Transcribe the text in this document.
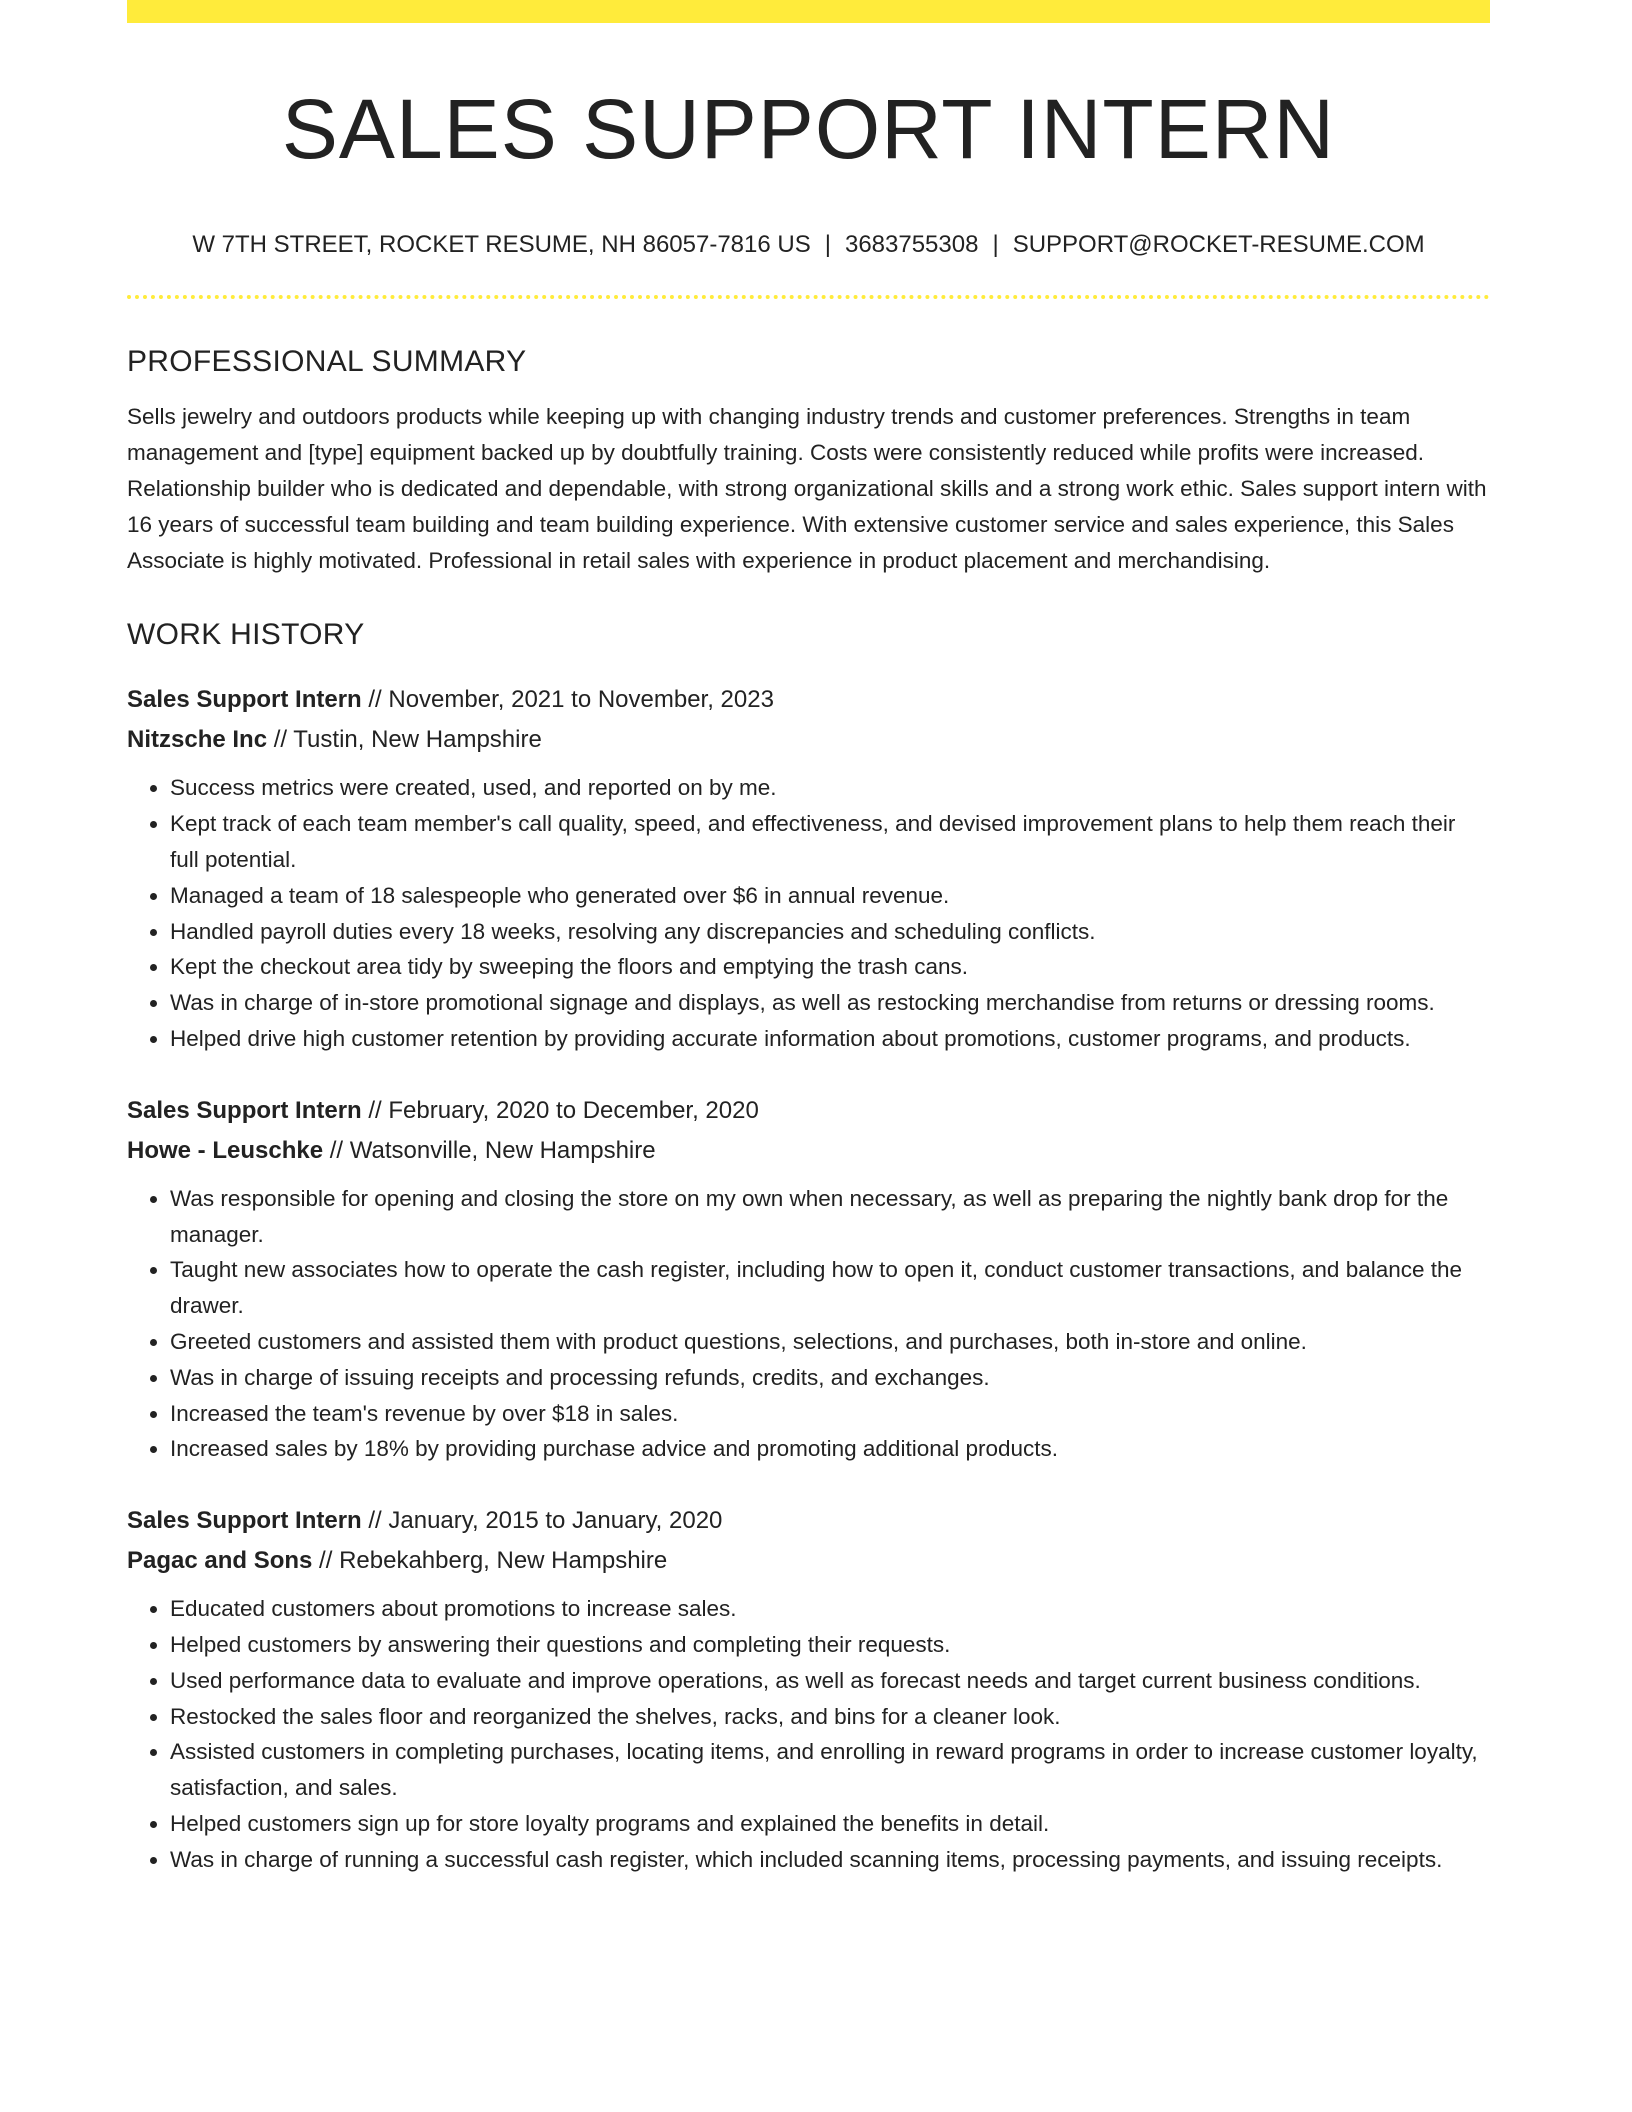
SALES SUPPORT INTERN
W 7TH STREET, ROCKET RESUME, NH 86057-7816 US | 3683755308 | SUPPORT@ROCKET-RESUME.COM
PROFESSIONAL SUMMARY

Sells jewelry and outdoors products while keeping up with changing industry trends and customer preferences. Strengths in team management and [type] equipment backed up by doubtfully training. Costs were consistently reduced while profits were increased. Relationship builder who is dedicated and dependable, with strong organizational skills and a strong work ethic. Sales support intern with 16 years of successful team building and team building experience. With extensive customer service and sales experience, this Sales Associate is highly motivated. Professional in retail sales with experience in product placement and merchandising.

WORK HISTORY
Sales Support Intern // November, 2021 to November, 2023
Nitzsche Inc // Tustin, New Hampshire
• Success metrics were created, used, and reported on by me.
• Kept track of each team member's call quality, speed, and effectiveness, and devised improvement plans to help them reach their full potential.
• Managed a team of 18 salespeople who generated over $6 in annual revenue.
• Handled payroll duties every 18 weeks, resolving any discrepancies and scheduling conflicts.
• Kept the checkout area tidy by sweeping the floors and emptying the trash cans.
• Was in charge of in-store promotional signage and displays, as well as restocking merchandise from returns or dressing rooms.
• Helped drive high customer retention by providing accurate information about promotions, customer programs, and products.
Sales Support Intern // February, 2020 to December, 2020
Howe - Leuschke // Watsonville, New Hampshire
• Was responsible for opening and closing the store on my own when necessary, as well as preparing the nightly bank drop for the manager.
• Taught new associates how to operate the cash register, including how to open it, conduct customer transactions, and balance the drawer.
• Greeted customers and assisted them with product questions, selections, and purchases, both in-store and online.
• Was in charge of issuing receipts and processing refunds, credits, and exchanges.
• Increased the team's revenue by over $18 in sales.
• Increased sales by 18% by providing purchase advice and promoting additional products.
Sales Support Intern // January, 2015 to January, 2020
Pagac and Sons // Rebekahberg, New Hampshire
• Educated customers about promotions to increase sales.
• Helped customers by answering their questions and completing their requests.
• Used performance data to evaluate and improve operations, as well as forecast needs and target current business conditions.
• Restocked the sales floor and reorganized the shelves, racks, and bins for a cleaner look.
• Assisted customers in completing purchases, locating items, and enrolling in reward programs in order to increase customer loyalty, satisfaction, and sales.
• Helped customers sign up for store loyalty programs and explained the benefits in detail.
• Was in charge of running a successful cash register, which included scanning items, processing payments, and issuing receipts.
